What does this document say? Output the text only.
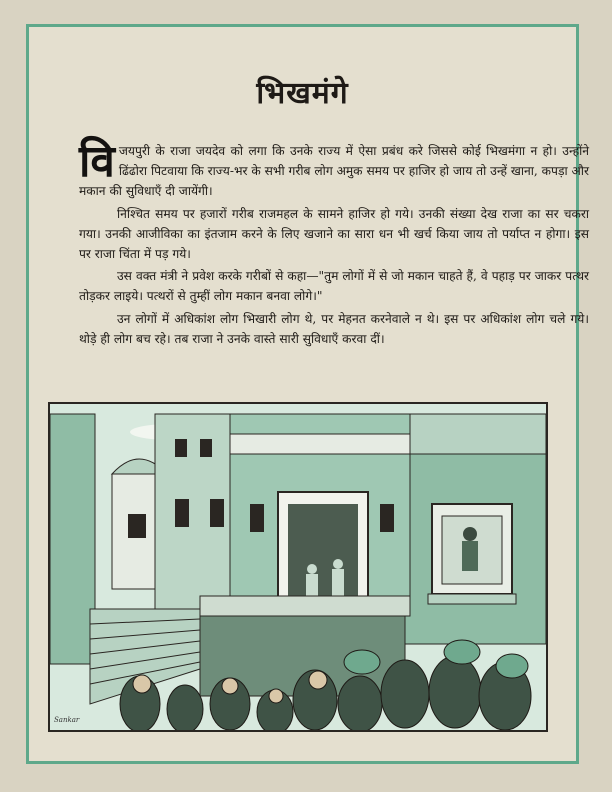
भिखमंगे

विजयपुरी के राजा जयदेव को लगा कि उनके राज्य में ऐसा प्रबंध करे जिससे कोई भिखमंगा न हो। उन्होंने ढिंढोरा पिटवाया कि राज्य-भर के सभी गरीब लोग अमुक समय पर हाजिर हो जाय तो उन्हें खाना, कपड़ा और मकान की सुविधाएँ दी जायेंगी।

निश्चित समय पर हजारों गरीब राजमहल के सामने हाजिर हो गये। उनकी संख्या देख राजा का सर चकरा गया। उनकी आजीविका का इंतजाम करने के लिए खजाने का सारा धन भी खर्च किया जाय तो पर्याप्त न होगा। इस पर राजा चिंता में पड़ गये।

उस वक्त मंत्री ने प्रवेश करके गरीबों से कहा—"तुम लोगों में से जो मकान चाहते हैं, वे पहाड़ पर जाकर पत्थर तोड़कर लाइये। पत्थरों से तुम्हीं लोग मकान बनवा लोगे।"

उन लोगों में अधिकांश लोग भिखारी लोग थे, पर मेहनत करनेवाले न थे। इस पर अधिकांश लोग चले गये। थोड़े ही लोग बच रहे। तब राजा ने उनके वास्ते सारी सुविधाएँ करवा दीं।

Sankar
